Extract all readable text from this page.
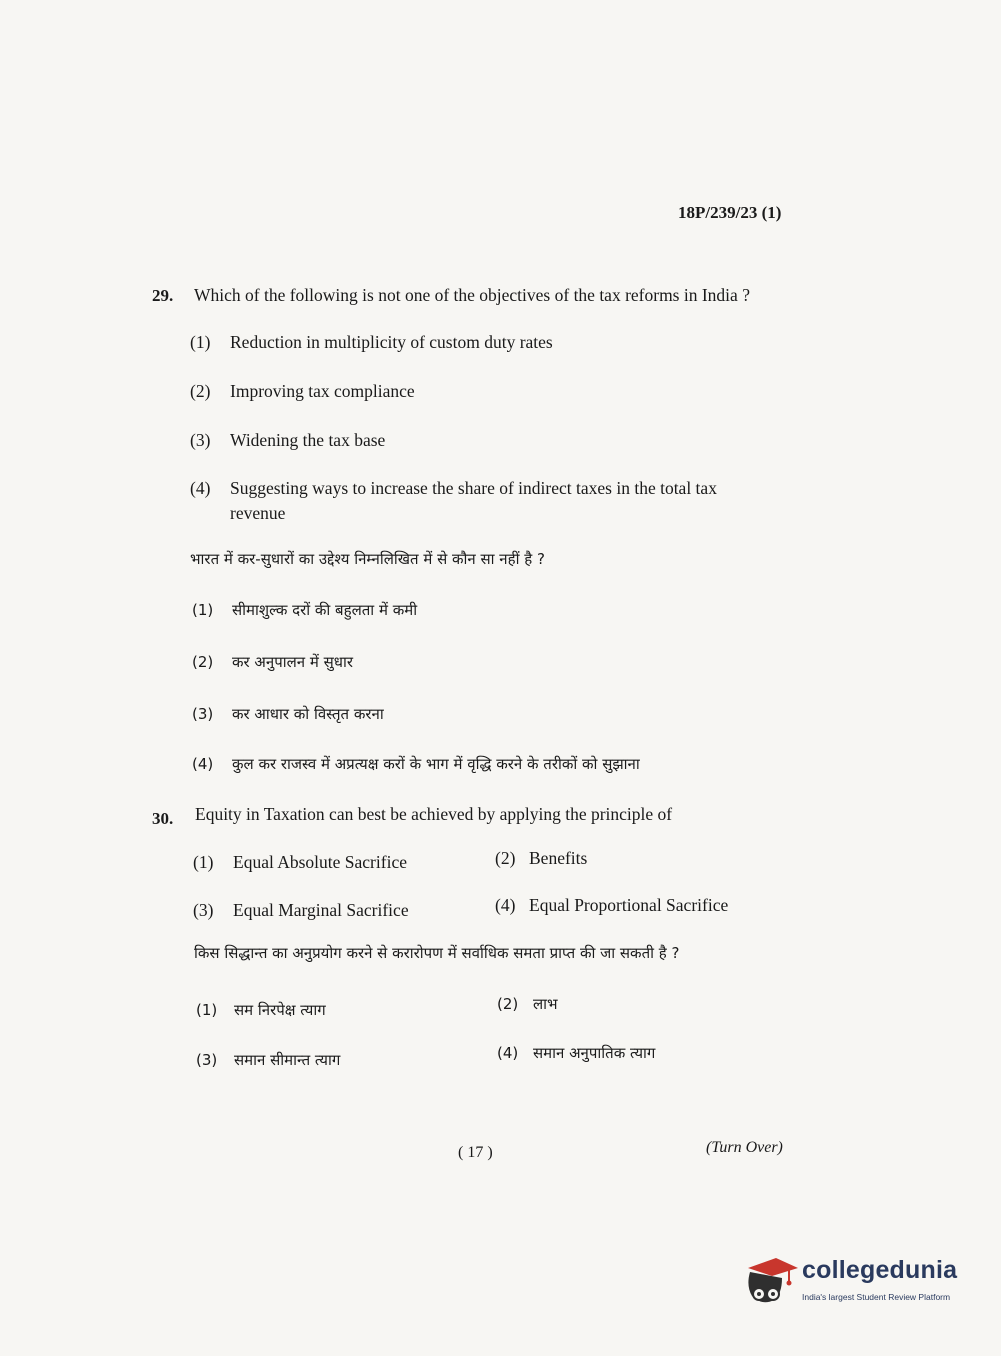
18P/239/23 (1)
29. Which of the following is not one of the objectives of the tax reforms in India ?
(1) Reduction in multiplicity of custom duty rates
(2) Improving tax compliance
(3) Widening the tax base
(4) Suggesting ways to increase the share of indirect taxes in the total tax
revenue
भारत में कर-सुधारों का उद्देश्य निम्नलिखित में से कौन सा नहीं है ?
(1) सीमाशुल्क दरों की बहुलता में कमी
(2) कर अनुपालन में सुधार
(3) कर आधार को विस्तृत करना
(4) कुल कर राजस्व में अप्रत्यक्ष करों के भाग में वृद्धि करने के तरीकों को सुझाना
30. Equity in Taxation can best be achieved by applying the principle of
(1) Equal Absolute Sacrifice	(2) Benefits
(3) Equal Marginal Sacrifice	(4) Equal Proportional Sacrifice
किस सिद्धान्त का अनुप्रयोग करने से करारोपण में सर्वाधिक समता प्राप्त की जा सकती है ?
(1) सम निरपेक्ष त्याग	(2) लाभ
(3) समान सीमान्त त्याग	(4) समान अनुपातिक त्याग
( 17 )	(Turn Over)
collegedunia
India's largest Student Review Platform
